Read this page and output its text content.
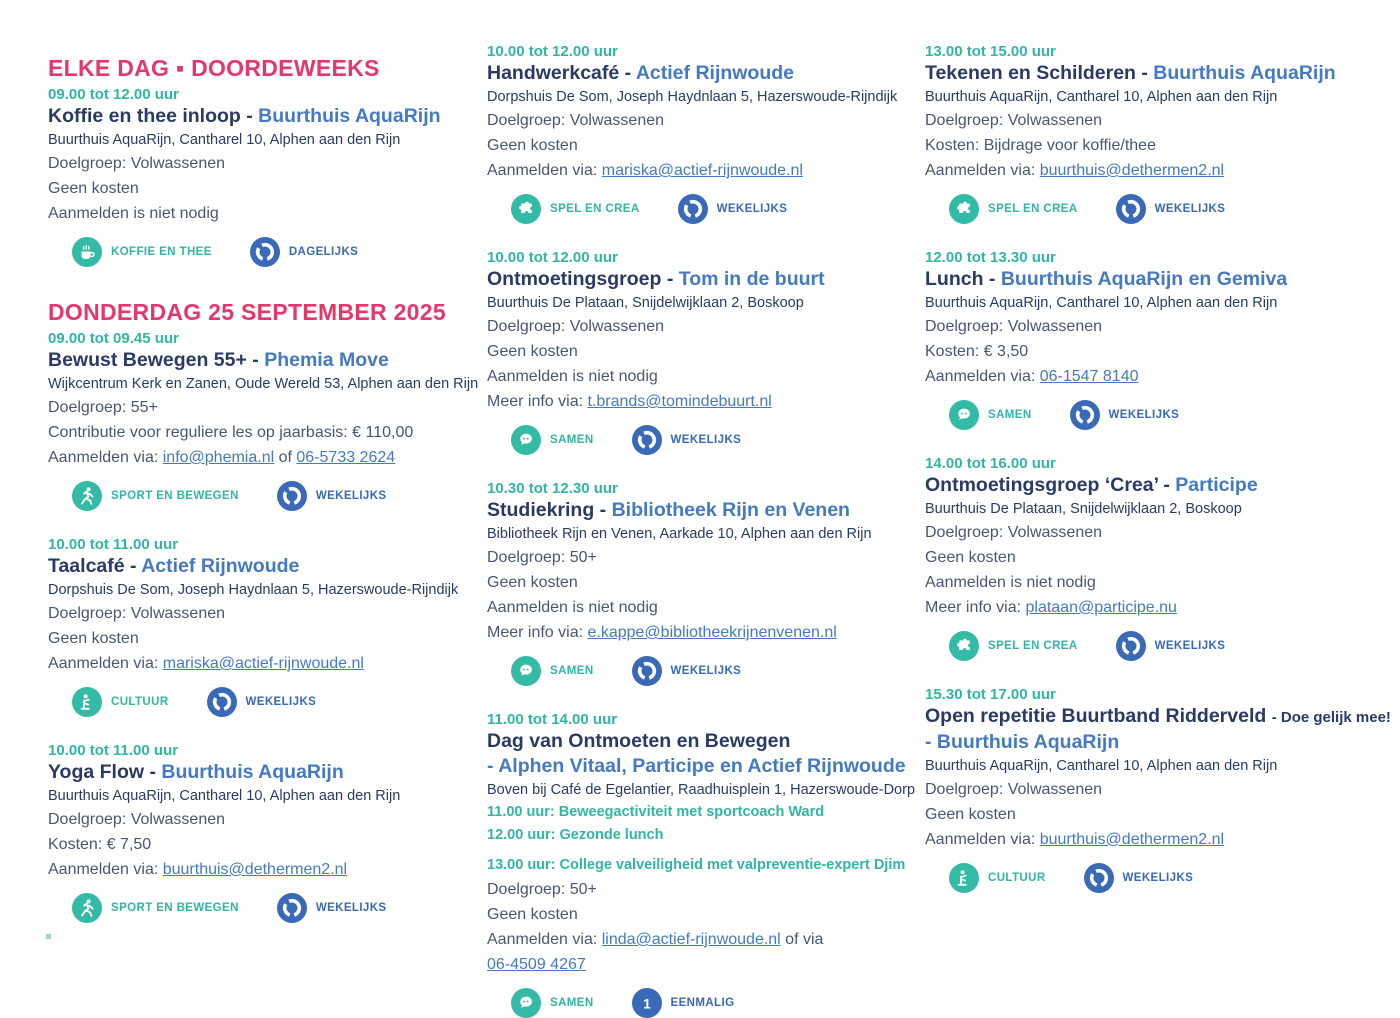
ELKE DAG ▪ DOORDEWEEKS
09.00 tot 12.00 uur
Koffie en thee inloop - Buurthuis AquaRijn
Buurthuis AquaRijn, Cantharel 10, Alphen aan den Rijn
Doelgroep: Volwassenen
Geen kosten
Aanmelden is niet nodig
KOFFIE EN THEE	DAGELIJKS
DONDERDAG 25 SEPTEMBER 2025
09.00 tot 09.45 uur
Bewust Bewegen 55+ - Phemia Move
Wijkcentrum Kerk en Zanen, Oude Wereld 53, Alphen aan den Rijn
Doelgroep: 55+
Contributie voor reguliere les op jaarbasis: € 110,00
Aanmelden via: info@phemia.nl of 06-5733 2624
SPORT EN BEWEGEN	WEKELIJKS
10.00 tot 11.00 uur
Taalcafé - Actief Rijnwoude
Dorpshuis De Som, Joseph Haydnlaan 5, Hazerswoude-Rijndijk
Doelgroep: Volwassenen
Geen kosten
Aanmelden via: mariska@actief-rijnwoude.nl
CULTUUR	WEKELIJKS
10.00 tot 11.00 uur
Yoga Flow - Buurthuis AquaRijn
Buurthuis AquaRijn, Cantharel 10, Alphen aan den Rijn
Doelgroep: Volwassenen
Kosten: € 7,50
Aanmelden via: buurthuis@dethermen2.nl
SPORT EN BEWEGEN	WEKELIJKS
10.00 tot 12.00 uur
Handwerkcafé - Actief Rijnwoude
Dorpshuis De Som, Joseph Haydnlaan 5, Hazerswoude-Rijndijk
Doelgroep: Volwassenen
Geen kosten
Aanmelden via: mariska@actief-rijnwoude.nl
SPEL EN CREA	WEKELIJKS
10.00 tot 12.00 uur
Ontmoetingsgroep - Tom in de buurt
Buurthuis De Plataan, Snijdelwijklaan 2, Boskoop
Doelgroep: Volwassenen
Geen kosten
Aanmelden is niet nodig
Meer info via: t.brands@tomindebuurt.nl
SAMEN	WEKELIJKS
10.30 tot 12.30 uur
Studiekring - Bibliotheek Rijn en Venen
Bibliotheek Rijn en Venen, Aarkade 10, Alphen aan den Rijn
Doelgroep: 50+
Geen kosten
Aanmelden is niet nodig
Meer info via: e.kappe@bibliotheekrijnenvenen.nl
SAMEN	WEKELIJKS
11.00 tot 14.00 uur
Dag van Ontmoeten en Bewegen
- Alphen Vitaal, Participe en Actief Rijnwoude
Boven bij Café de Egelantier, Raadhuisplein 1, Hazerswoude-Dorp
11.00 uur: Beweegactiviteit met sportcoach Ward
12.00 uur: Gezonde lunch
13.00 uur: College valveiligheid met valpreventie-expert Djim
Doelgroep: 50+
Geen kosten
Aanmelden via: linda@actief-rijnwoude.nl of via
06-4509 4267
SAMEN	1 EENMALIG
13.00 tot 15.00 uur
Tekenen en Schilderen - Buurthuis AquaRijn
Buurthuis AquaRijn, Cantharel 10, Alphen aan den Rijn
Doelgroep: Volwassenen
Kosten: Bijdrage voor koffie/thee
Aanmelden via: buurthuis@dethermen2.nl
SPEL EN CREA	WEKELIJKS
12.00 tot 13.30 uur
Lunch - Buurthuis AquaRijn en Gemiva
Buurthuis AquaRijn, Cantharel 10, Alphen aan den Rijn
Doelgroep: Volwassenen
Kosten: € 3,50
Aanmelden via: 06-1547 8140
SAMEN	WEKELIJKS
14.00 tot 16.00 uur
Ontmoetingsgroep ‘Crea’ - Participe
Buurthuis De Plataan, Snijdelwijklaan 2, Boskoop
Doelgroep: Volwassenen
Geen kosten
Aanmelden is niet nodig
Meer info via: plataan@participe.nu
SPEL EN CREA	WEKELIJKS
15.30 tot 17.00 uur
Open repetitie Buurtband Ridderveld - Doe gelijk mee!
- Buurthuis AquaRijn
Buurthuis AquaRijn, Cantharel 10, Alphen aan den Rijn
Doelgroep: Volwassenen
Geen kosten
Aanmelden via: buurthuis@dethermen2.nl
CULTUUR	WEKELIJKS
